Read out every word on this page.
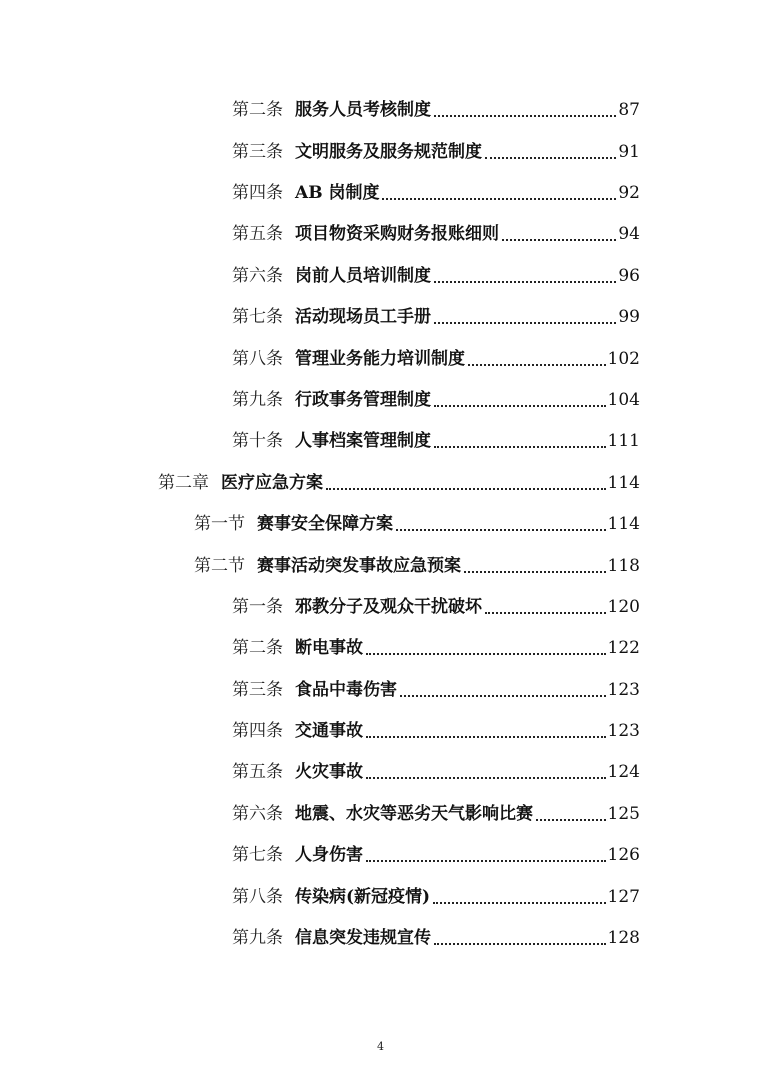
第二条 服务人员考核制度	87
第三条 文明服务及服务规范制度	91
第四条 AB 岗制度	92
第五条 项目物资采购财务报账细则	94
第六条 岗前人员培训制度	96
第七条 活动现场员工手册	99
第八条 管理业务能力培训制度	102
第九条 行政事务管理制度	104
第十条 人事档案管理制度	111
第二章 医疗应急方案	114
第一节 赛事安全保障方案	114
第二节 赛事活动突发事故应急预案	118
第一条 邪教分子及观众干扰破坏	120
第二条 断电事故	122
第三条 食品中毒伤害	123
第四条 交通事故	123
第五条 火灾事故	124
第六条 地震、水灾等恶劣天气影响比赛	125
第七条 人身伤害	126
第八条 传染病(新冠疫情)	127
第九条 信息突发违规宣传	128
4
